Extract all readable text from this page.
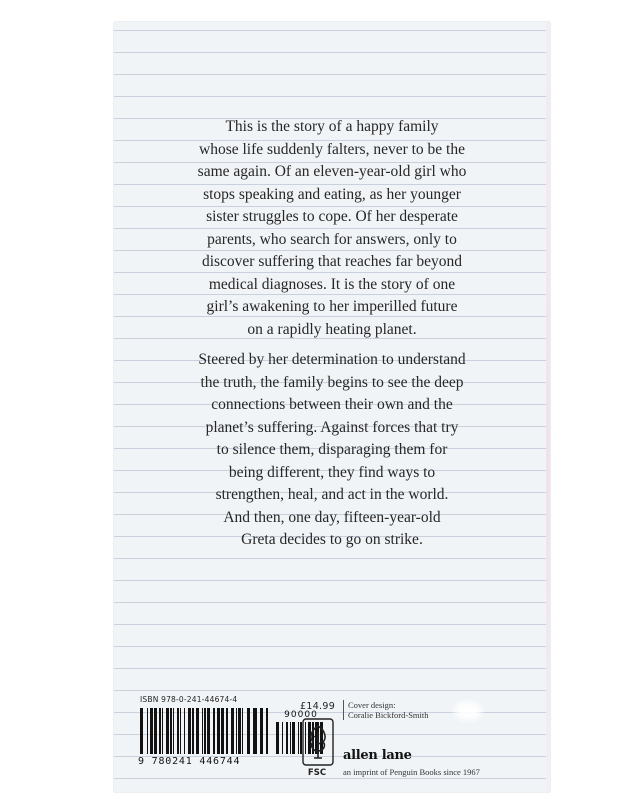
This is the story of a happy family
whose life suddenly falters, never to be the
same again. Of an eleven-year-old girl who
stops speaking and eating, as her younger
sister struggles to cope. Of her desperate
parents, who search for answers, only to
discover suffering that reaches far beyond
medical diagnoses. It is the story of one
girl’s awakening to her imperilled future
on a rapidly heating planet.

Steered by her determination to understand
the truth, the family begins to see the deep
connections between their own and the
planet’s suffering. Against forces that try
to silence them, disparaging them for
being different, they find ways to
strengthen, heal, and act in the world.
And then, one day, fifteen-year-old
Greta decides to go on strike.

ISBN 978-0-241-44674-4
9 780241 446744
90000
£14.99
FSC
Cover design:
Coralie Bickford-Smith
allen lane
an imprint of Penguin Books since 1967
